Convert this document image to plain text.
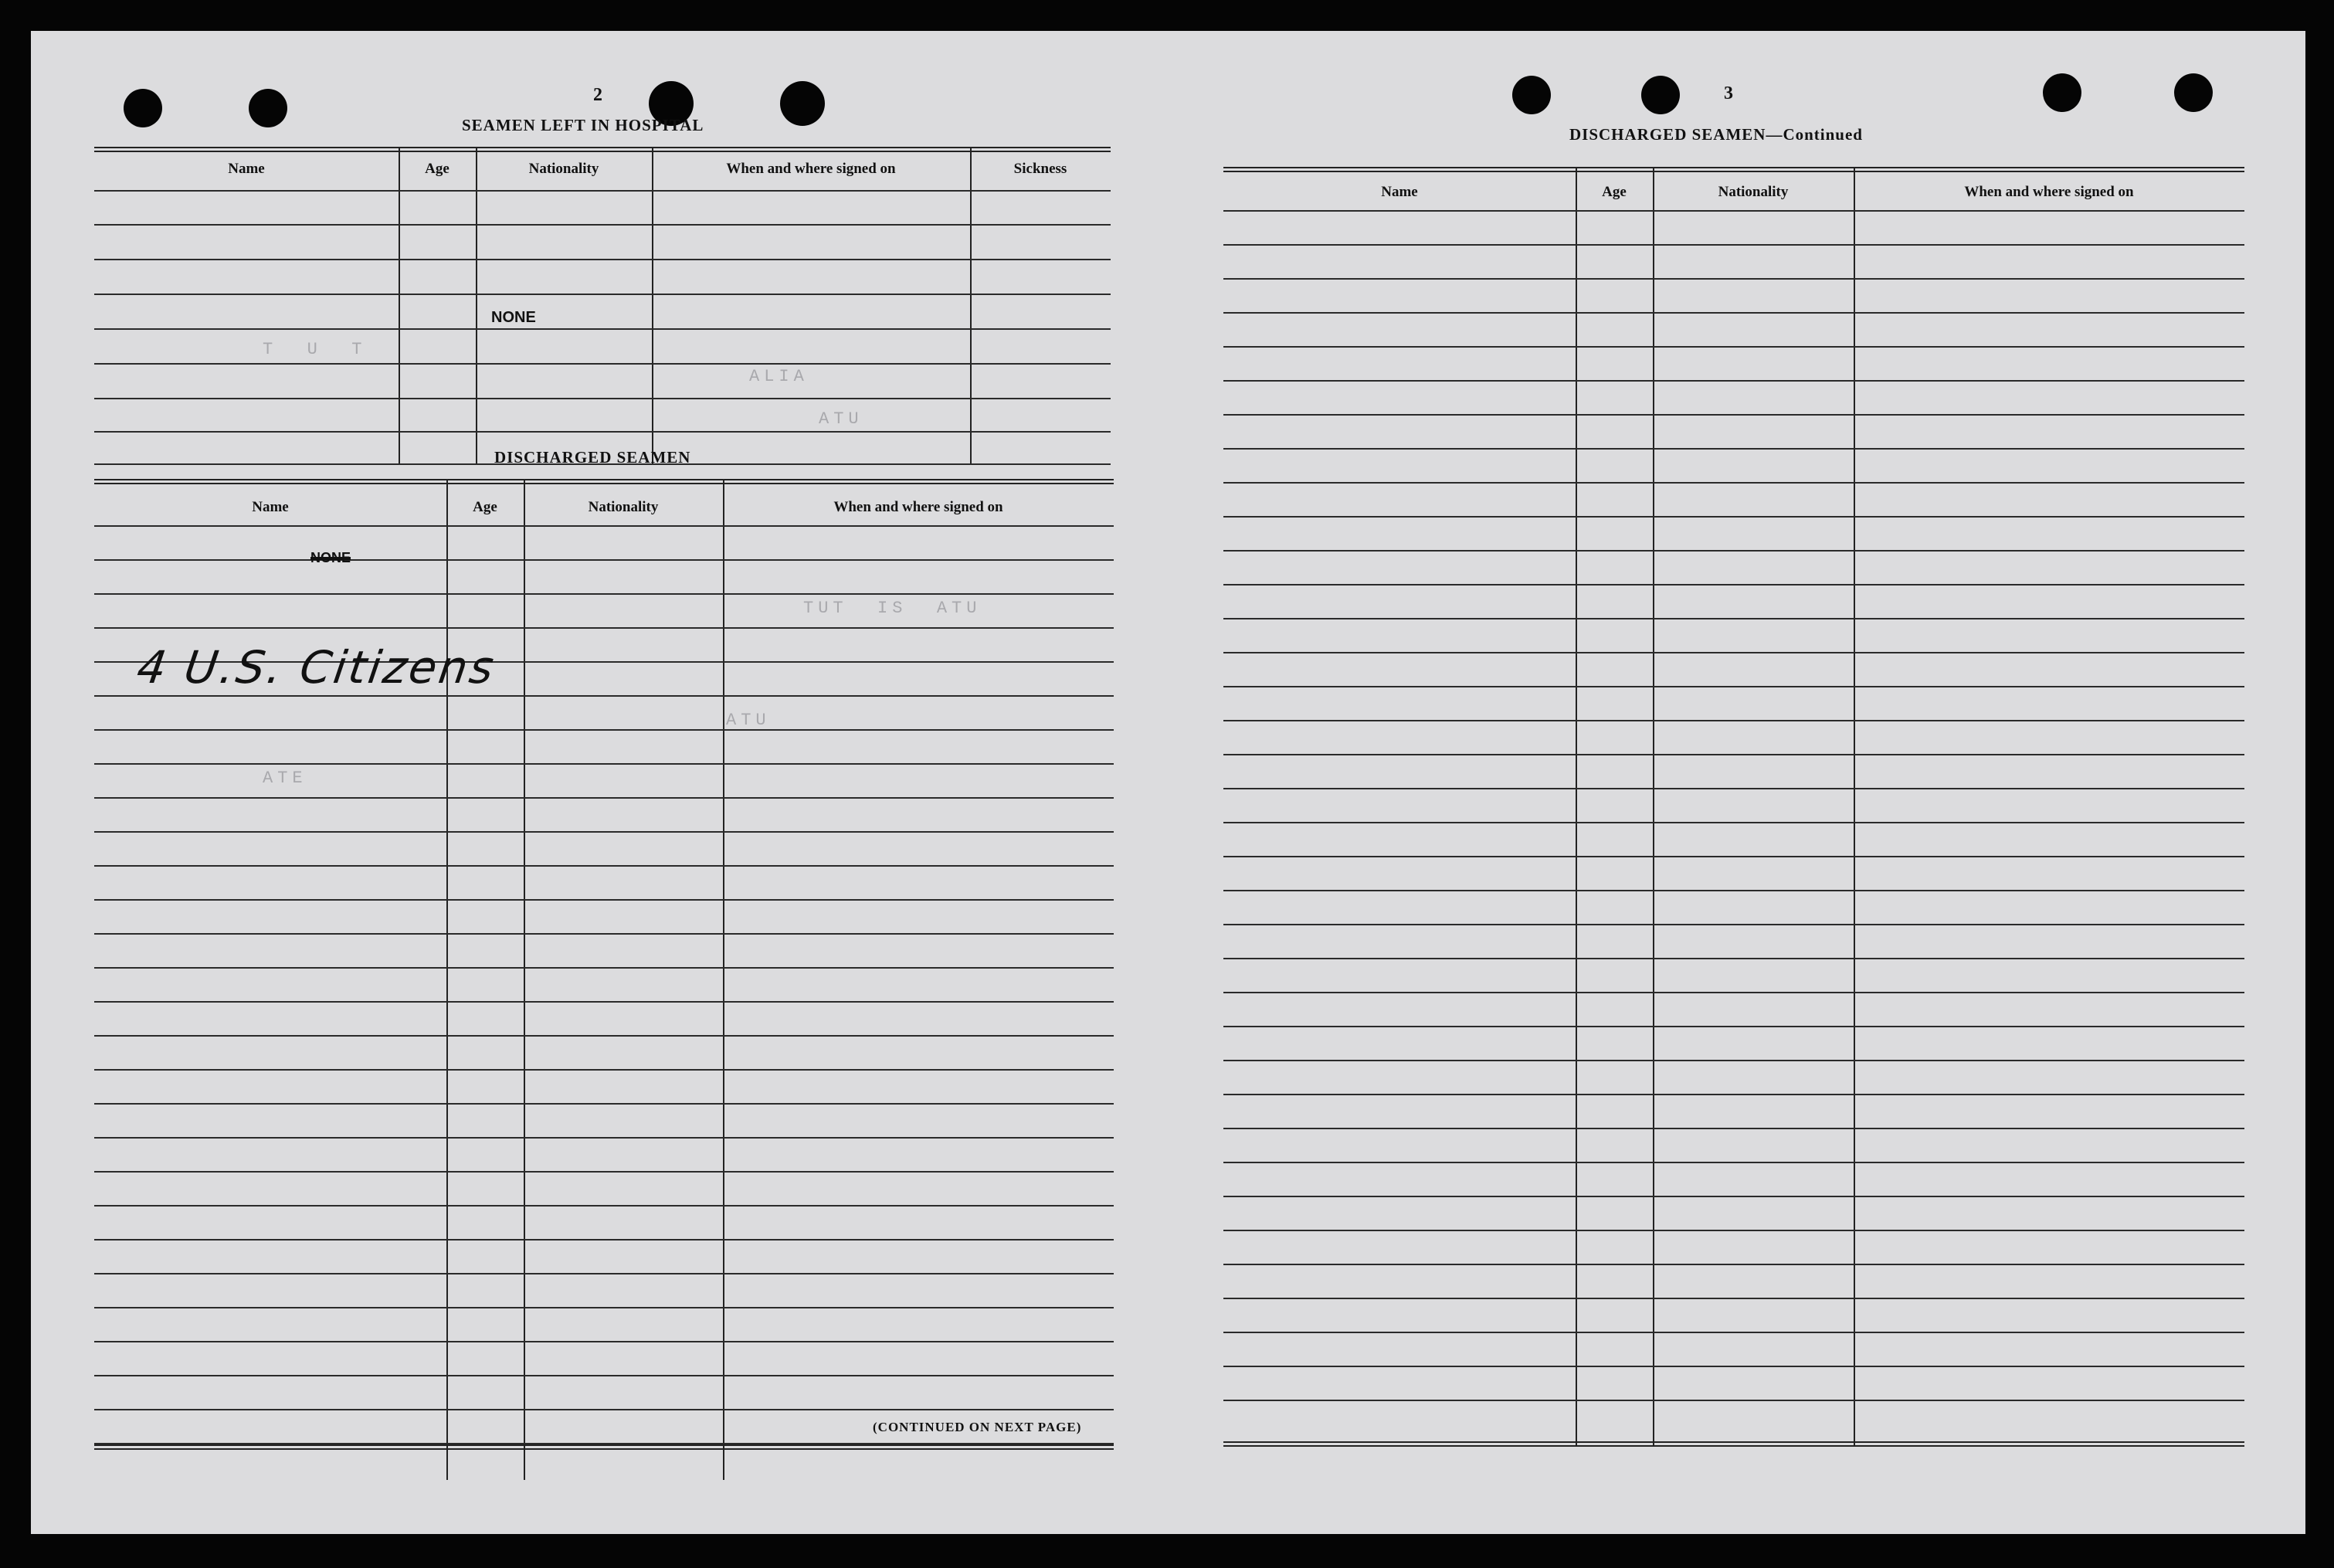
T  U  T
ALIA
ATU
TUT  IS  ATU
ATU
ATE
2
SEAMEN LEFT IN HOSPITAL
Name	Age	Nationality	When and where signed on	Sickness
NONE
DISCHARGED SEAMEN
Name	Age	Nationality	When and where signed on
NONE
4 U.S. Citizens
(CONTINUED ON NEXT PAGE)
3
DISCHARGED SEAMEN—Continued
Name	Age	Nationality	When and where signed on
